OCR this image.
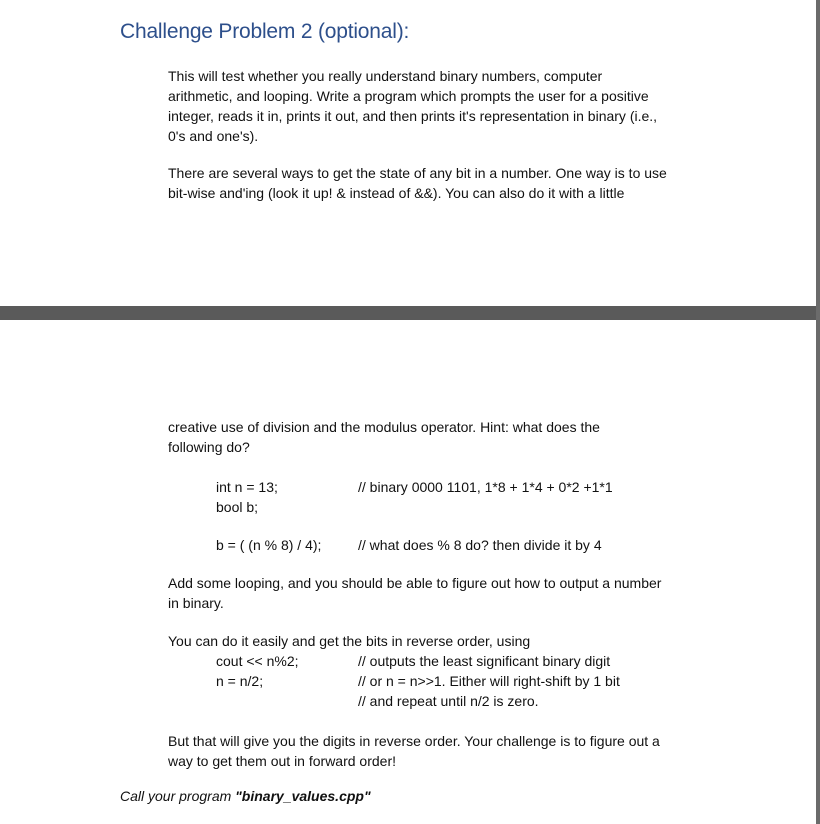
Challenge Problem 2 (optional):
This will test whether you really understand binary numbers, computer
arithmetic, and looping. Write a program which prompts the user for a positive
integer, reads it in, prints it out, and then prints it's representation in binary (i.e.,
0's and one's).
There are several ways to get the state of any bit in a number. One way is to use
bit-wise and'ing (look it up! & instead of &&). You can also do it with a little
creative use of division and the modulus operator. Hint: what does the
following do?
int n = 13;	// binary 0000 1101, 1*8 + 1*4 + 0*2 +1*1
bool b;
b = ( (n % 8) / 4);	// what does % 8 do? then divide it by 4
Add some looping, and you should be able to figure out how to output a number
in binary.
You can do it easily and get the bits in reverse order, using
cout << n%2;	// outputs the least significant binary digit
n = n/2;	// or n = n>>1. Either will right-shift by 1 bit
// and repeat until n/2 is zero.
But that will give you the digits in reverse order. Your challenge is to figure out a
way to get them out in forward order!

Call your program "binary_values.cpp"
